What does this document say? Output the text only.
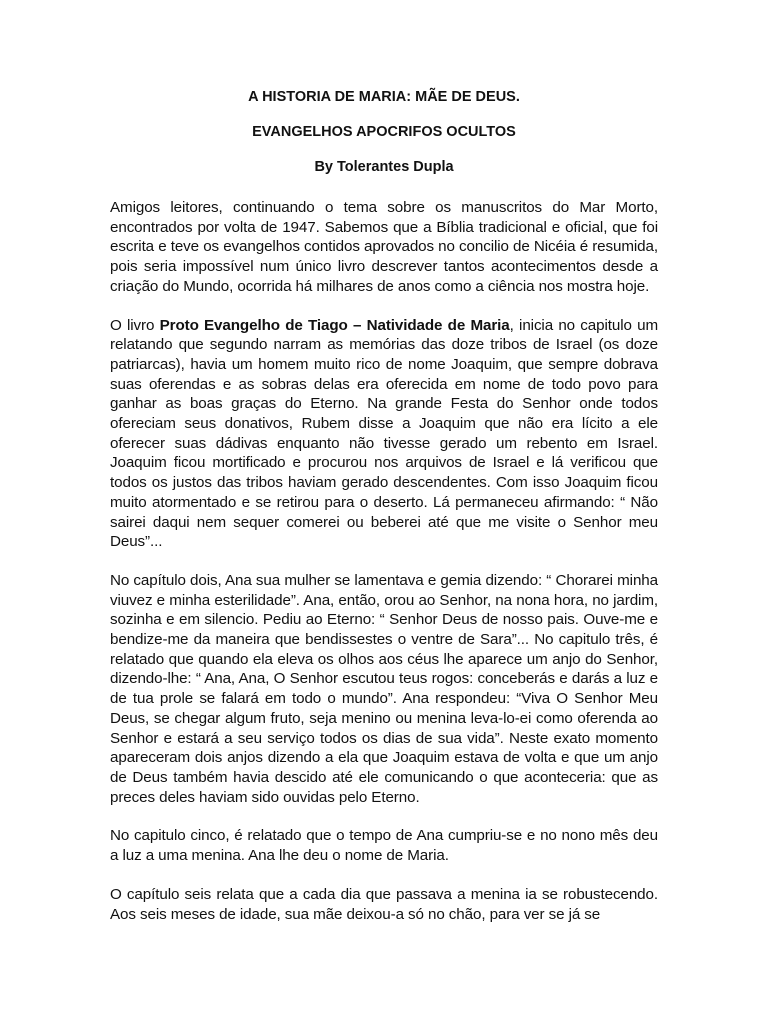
A HISTORIA DE MARIA: MÃE DE DEUS.
EVANGELHOS APOCRIFOS OCULTOS
By Tolerantes Dupla
Amigos leitores, continuando o tema sobre os manuscritos do Mar Morto, encontrados por volta de 1947. Sabemos que a Bíblia tradicional e oficial, que foi escrita e teve os evangelhos contidos aprovados no concilio de Nicéia é resumida, pois seria impossível num único livro descrever tantos acontecimentos desde a criação do Mundo, ocorrida há milhares de anos como a ciência nos mostra hoje.
O livro Proto Evangelho de Tiago – Natividade de Maria, inicia no capitulo um relatando que segundo narram as memórias das doze tribos de Israel (os doze patriarcas), havia um homem muito rico de nome Joaquim, que sempre dobrava suas oferendas e as sobras delas era oferecida em nome de todo povo para ganhar as boas graças do Eterno. Na grande Festa do Senhor onde todos ofereciam seus donativos, Rubem disse a Joaquim que não era lícito a ele oferecer suas dádivas enquanto não tivesse gerado um rebento em Israel. Joaquim ficou mortificado e procurou nos arquivos de Israel e lá verificou que todos os justos das tribos haviam gerado descendentes. Com isso Joaquim ficou muito atormentado e se retirou para o deserto. Lá permaneceu afirmando: “ Não sairei daqui nem sequer comerei ou beberei até que me visite o Senhor meu Deus”...
No capítulo dois, Ana sua mulher se lamentava e gemia dizendo: “ Chorarei minha viuvez e minha esterilidade”. Ana, então, orou ao Senhor, na nona hora, no jardim, sozinha e em silencio. Pediu ao Eterno: “ Senhor Deus de nosso pais. Ouve-me e bendize-me da maneira que bendissestes o ventre de Sara”... No capitulo três, é relatado que quando ela eleva os olhos aos céus lhe aparece um anjo do Senhor, dizendo-lhe: “ Ana, Ana, O Senhor escutou teus rogos: conceberás e darás a luz e de tua prole se falará em todo o mundo”. Ana respondeu: “Viva O Senhor Meu Deus, se chegar algum fruto, seja menino ou menina leva-lo-ei como oferenda ao Senhor e estará a seu serviço todos os dias de sua vida”. Neste exato momento apareceram dois anjos dizendo a ela que Joaquim estava de volta e que um anjo de Deus também havia descido até ele comunicando o que aconteceria: que as preces deles haviam sido ouvidas pelo Eterno.
No capitulo cinco, é relatado que o tempo de Ana cumpriu-se e no nono mês deu a luz a uma menina. Ana lhe deu o nome de Maria.
O capítulo seis relata que a cada dia que passava a menina ia se robustecendo. Aos seis meses de idade, sua mãe deixou-a só no chão, para ver se já se
